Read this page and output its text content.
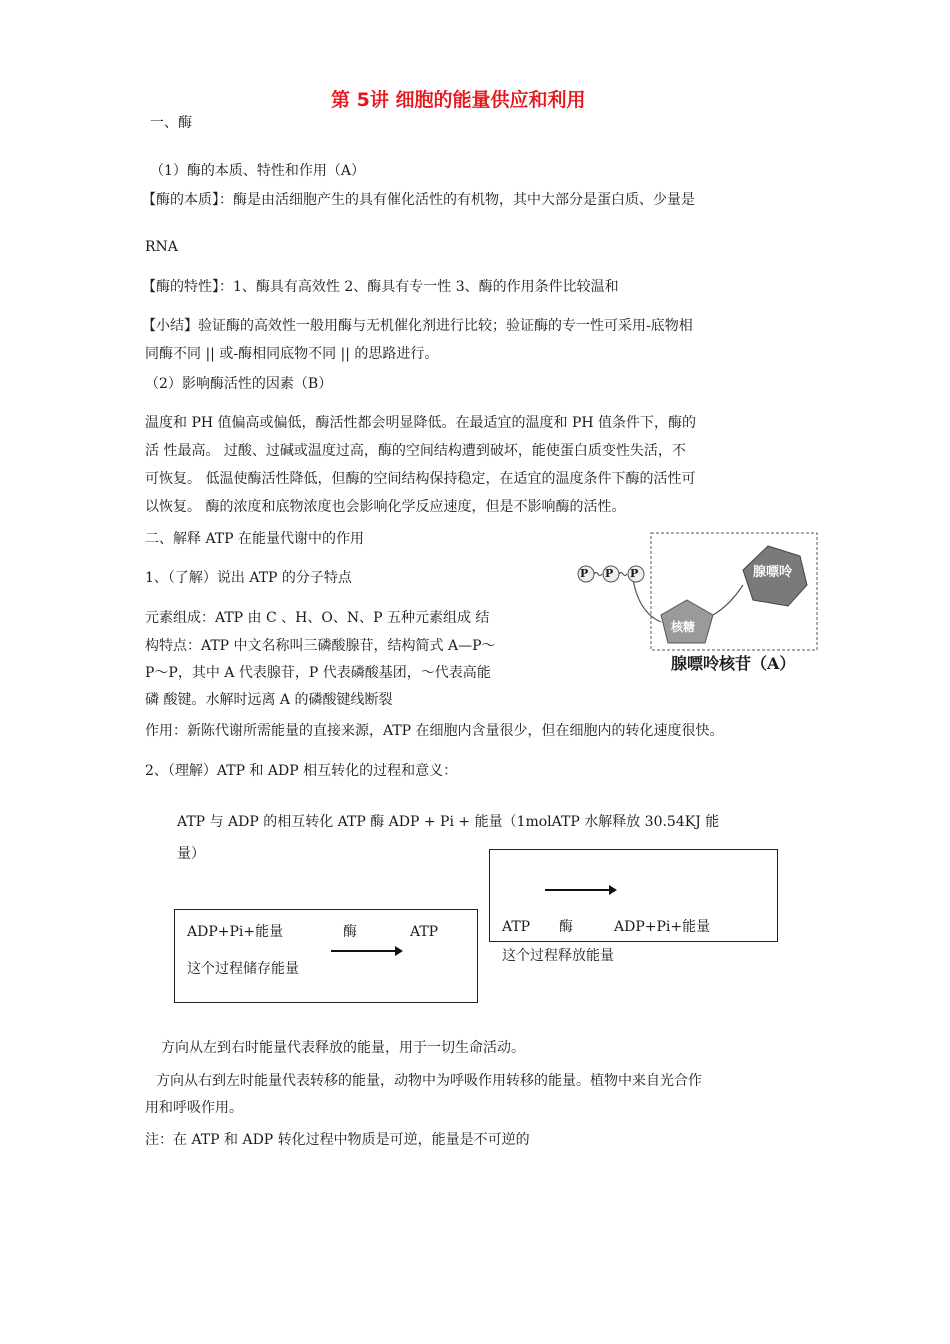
第 5讲 细胞的能量供应和利用
一、酶
（1）酶的本质、特性和作用（A）
【酶的本质】：酶是由活细胞产生的具有催化活性的有机物，其中大部分是蛋白质、少量是
RNA
【酶的特性】：1、酶具有高效性 2、酶具有专一性 3、酶的作用条件比较温和
【小结】验证酶的高效性一般用酶与无机催化剂进行比较；验证酶的专一性可采用-底物相
同酶不同 || 或-酶相同底物不同 || 的思路进行。
（2）影响酶活性的因素（B）
温度和 PH 值偏高或偏低，酶活性都会明显降低。在最适宜的温度和 PH 值条件下，酶的
活 性最高。 过酸、过碱或温度过高，酶的空间结构遭到破坏，能使蛋白质变性失活，不
可恢复。 低温使酶活性降低，但酶的空间结构保持稳定，在适宜的温度条件下酶的活性可
以恢复。 酶的浓度和底物浓度也会影响化学反应速度，但是不影响酶的活性。
二、解释 ATP 在能量代谢中的作用
1、（了解）说出 ATP 的分子特点
元素组成：ATP 由 C 、H、O、N、P 五种元素组成 结
构特点：ATP 中文名称叫三磷酸腺苷，结构简式 A—P～
P～P，其中 A 代表腺苷，P 代表磷酸基团，～代表高能
磷 酸键。水解时远离 A 的磷酸键线断裂
P P P	腺嘌呤
核糖
腺嘌呤核苷（A）
作用：新陈代谢所需能量的直接来源，ATP 在细胞内含量很少，但在细胞内的转化速度很快。
2、（理解）ATP 和 ADP 相互转化的过程和意义：
ATP 与 ADP 的相互转化 ATP 酶 ADP + Pi + 能量（1molATP 水解释放 30.54KJ 能
量）
ADP+Pi+能量	酶	ATP
这个过程储存能量
ATP 酶	ADP+Pi+能量
这个过程释放能量
方向从左到右时能量代表释放的能量，用于一切生命活动。
方向从右到左时能量代表转移的能量，动物中为呼吸作用转移的能量。植物中来自光合作
用和呼吸作用。
注：在 ATP 和 ADP 转化过程中物质是可逆，能量是不可逆的
